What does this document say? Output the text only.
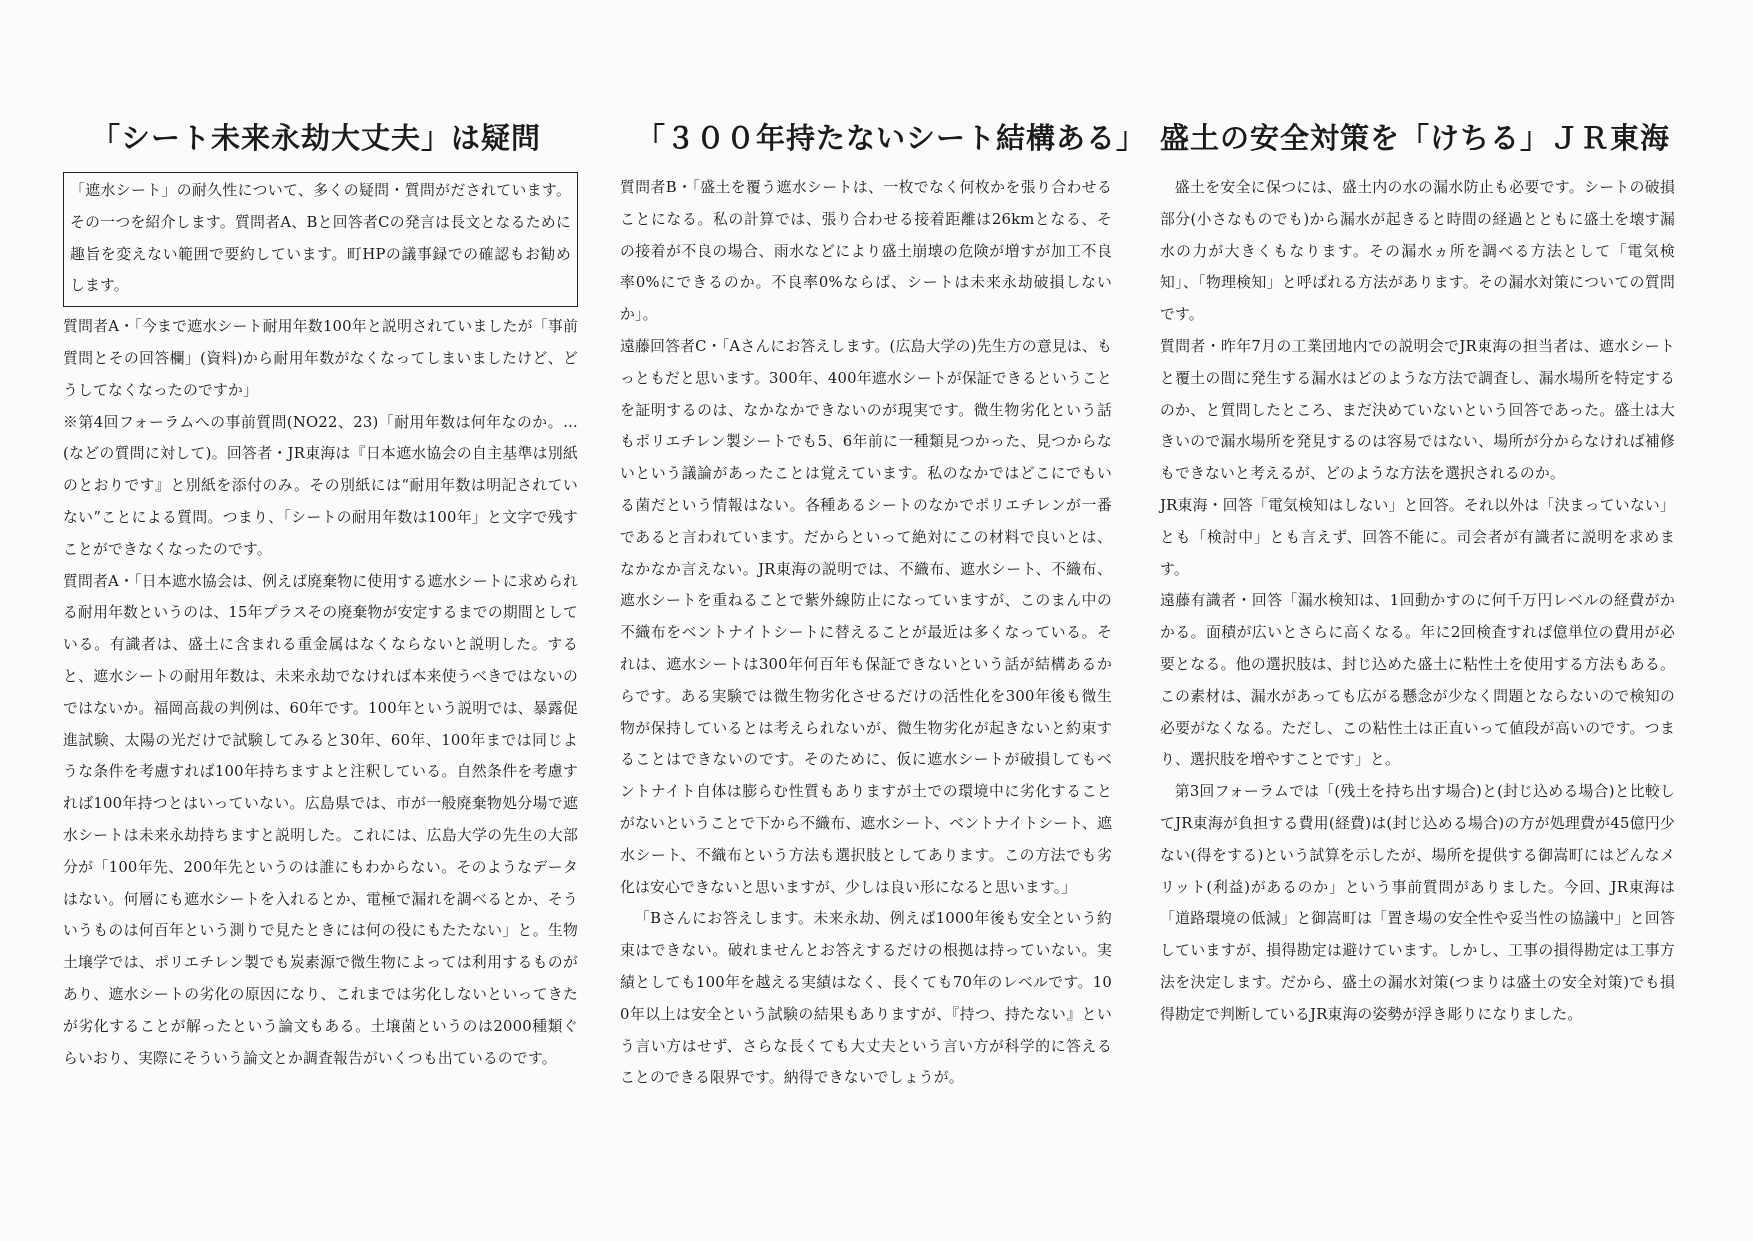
「シート未来永劫大丈夫」は疑問

「遮水シート」の耐久性について、多くの疑問・質問がだされています。その一つを紹介します。質問者A、Bと回答者Cの発言は長文となるために趣旨を変えない範囲で要約しています。町HPの議事録での確認もお勧めします。

質問者A・「今まで遮水シート耐用年数100年と説明されていましたが「事前質問とその回答欄」(資料)から耐用年数がなくなってしまいましたけど、どうしてなくなったのですか」

※第4回フォーラムへの事前質問(NO22、23)「耐用年数は何年なのか。…(などの質問に対して)。回答者・JR東海は『日本遮水協会の自主基準は別紙のとおりです』と別紙を添付のみ。その別紙には“耐用年数は明記されていない”ことによる質問。つまり、「シートの耐用年数は100年」と文字で残すことができなくなったのです。

質問者A・「日本遮水協会は、例えば廃棄物に使用する遮水シートに求められる耐用年数というのは、15年プラスその廃棄物が安定するまでの期間としている。有識者は、盛土に含まれる重金属はなくならないと説明した。すると、遮水シートの耐用年数は、未来永劫でなければ本来使うべきではないのではないか。福岡高裁の判例は、60年です。100年という説明では、暴露促進試験、太陽の光だけで試験してみると30年、60年、100年までは同じような条件を考慮すれば100年持ちますよと注釈している。自然条件を考慮すれば100年持つとはいっていない。広島県では、市が一般廃棄物処分場で遮水シートは未来永劫持ちますと説明した。これには、広島大学の先生の大部分が「100年先、200年先というのは誰にもわからない。そのようなデータはない。何層にも遮水シートを入れるとか、電極で漏れを調べるとか、そういうものは何百年という測りで見たときには何の役にもたたない」と。生物土壌学では、ポリエチレン製でも炭素源で微生物によっては利用するものがあり、遮水シートの劣化の原因になり、これまでは劣化しないといってきたが劣化することが解ったという論文もある。土壌菌というのは2000種類ぐらいおり、実際にそういう論文とか調査報告がいくつも出ているのです。

「３００年持たないシート結構ある」

質問者B・「盛土を覆う遮水シートは、一枚でなく何枚かを張り合わせることになる。私の計算では、張り合わせる接着距離は26kmとなる、その接着が不良の場合、雨水などにより盛土崩壊の危険が増すが加工不良率0%にできるのか。不良率0%ならば、シートは未来永劫破損しないか」。

遠藤回答者C・「Aさんにお答えします。(広島大学の)先生方の意見は、もっともだと思います。300年、400年遮水シートが保証できるということを証明するのは、なかなかできないのが現実です。微生物劣化という話もポリエチレン製シートでも5、6年前に一種類見つかった、見つからないという議論があったことは覚えています。私のなかではどこにでもいる菌だという情報はない。各種あるシートのなかでポリエチレンが一番であると言われています。だからといって絶対にこの材料で良いとは、なかなか言えない。JR東海の説明では、不織布、遮水シート、不織布、遮水シートを重ねることで紫外線防止になっていますが、このまん中の不織布をベントナイトシートに替えることが最近は多くなっている。それは、遮水シートは300年何百年も保証できないという話が結構あるからです。ある実験では微生物劣化させるだけの活性化を300年後も微生物が保持しているとは考えられないが、微生物劣化が起きないと約束することはできないのです。そのために、仮に遮水シートが破損してもベントナイト自体は膨らむ性質もありますが土での環境中に劣化することがないということで下から不織布、遮水シート、ベントナイトシート、遮水シート、不織布という方法も選択肢としてあります。この方法でも劣化は安心できないと思いますが、少しは良い形になると思います。」

「Bさんにお答えします。未来永劫、例えば1000年後も安全という約束はできない。破れませんとお答えするだけの根拠は持っていない。実績としても100年を越える実績はなく、長くても70年のレベルです。100年以上は安全という試験の結果もありますが、『持つ、持たない』という言い方はせず、さらな長くても大丈夫という言い方が科学的に答えることのできる限界です。納得できないでしょうが。

盛土の安全対策を「けちる」ＪＲ東海

盛土を安全に保つには、盛土内の水の漏水防止も必要です。シートの破損部分(小さなものでも)から漏水が起きると時間の経過とともに盛土を壊す漏水の力が大きくもなります。その漏水ヵ所を調べる方法として「電気検知」、「物理検知」と呼ばれる方法があります。その漏水対策についての質問です。

質問者・昨年7月の工業団地内での説明会でJR東海の担当者は、遮水シートと覆土の間に発生する漏水はどのような方法で調査し、漏水場所を特定するのか、と質問したところ、まだ決めていないという回答であった。盛土は大きいので漏水場所を発見するのは容易ではない、場所が分からなければ補修もできないと考えるが、どのような方法を選択されるのか。

JR東海・回答「電気検知はしない」と回答。それ以外は「決まっていない」とも「検討中」とも言えず、回答不能に。司会者が有識者に説明を求めます。

遠藤有識者・回答「漏水検知は、1回動かすのに何千万円レベルの経費がかかる。面積が広いとさらに高くなる。年に2回検査すれば億単位の費用が必要となる。他の選択肢は、封じ込めた盛土に粘性土を使用する方法もある。この素材は、漏水があっても広がる懸念が少なく問題とならないので検知の必要がなくなる。ただし、この粘性土は正直いって値段が高いのです。つまり、選択肢を増やすことです」と。

第3回フォーラムでは「(残土を持ち出す場合)と(封じ込める場合)と比較してJR東海が負担する費用(経費)は(封じ込める場合)の方が処理費が45億円少ない(得をする)という試算を示したが、場所を提供する御嵩町にはどんなメリット(利益)があるのか」という事前質問がありました。今回、JR東海は「道路環境の低減」と御嵩町は「置き場の安全性や妥当性の協議中」と回答していますが、損得勘定は避けています。しかし、工事の損得勘定は工事方法を決定します。だから、盛土の漏水対策(つまりは盛土の安全対策)でも損得勘定で判断しているJR東海の姿勢が浮き彫りになりました。
